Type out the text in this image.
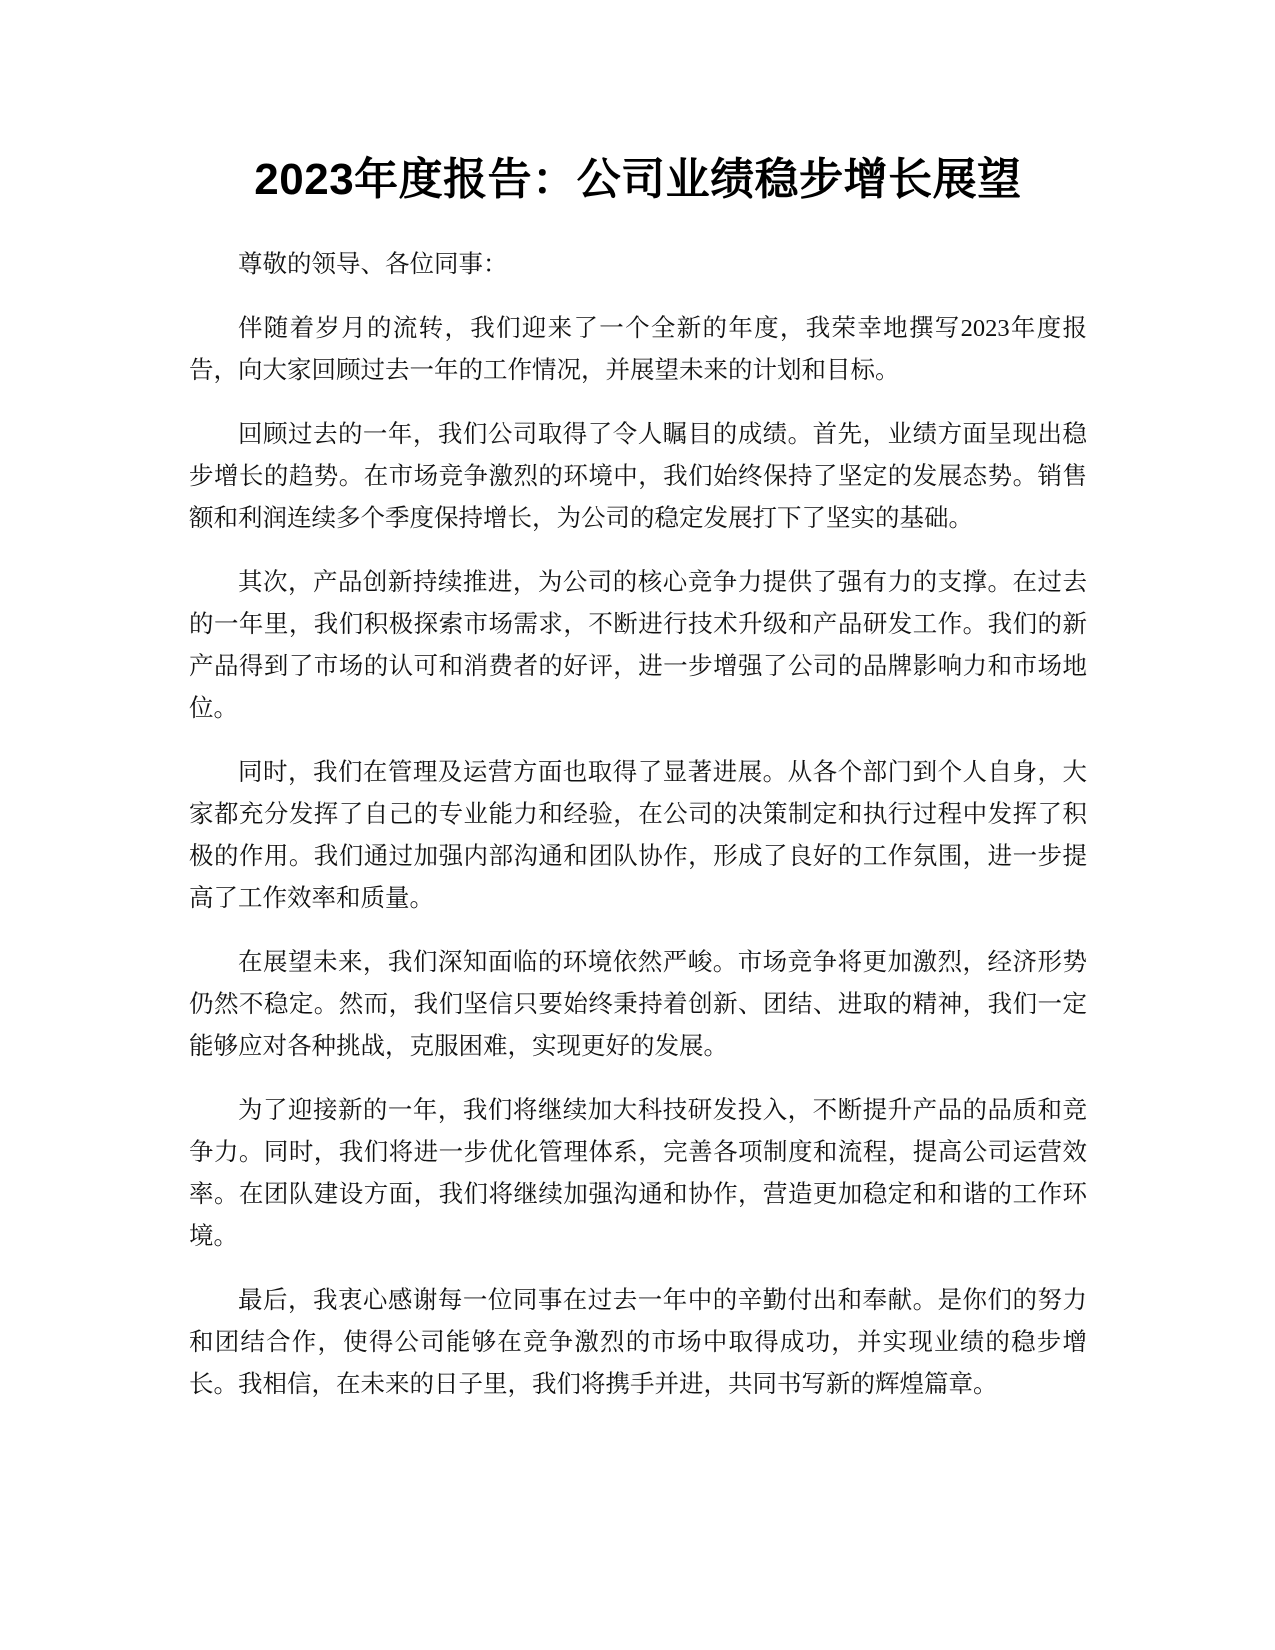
2023年度报告：公司业绩稳步增长展望

尊敬的领导、各位同事：

伴随着岁月的流转，我们迎来了一个全新的年度，我荣幸地撰写2023年度报告，向大家回顾过去一年的工作情况，并展望未来的计划和目标。

回顾过去的一年，我们公司取得了令人瞩目的成绩。首先，业绩方面呈现出稳步增长的趋势。在市场竞争激烈的环境中，我们始终保持了坚定的发展态势。销售额和利润连续多个季度保持增长，为公司的稳定发展打下了坚实的基础。

其次，产品创新持续推进，为公司的核心竞争力提供了强有力的支撑。在过去的一年里，我们积极探索市场需求，不断进行技术升级和产品研发工作。我们的新产品得到了市场的认可和消费者的好评，进一步增强了公司的品牌影响力和市场地位。

同时，我们在管理及运营方面也取得了显著进展。从各个部门到个人自身，大家都充分发挥了自己的专业能力和经验，在公司的决策制定和执行过程中发挥了积极的作用。我们通过加强内部沟通和团队协作，形成了良好的工作氛围，进一步提高了工作效率和质量。

在展望未来，我们深知面临的环境依然严峻。市场竞争将更加激烈，经济形势仍然不稳定。然而，我们坚信只要始终秉持着创新、团结、进取的精神，我们一定能够应对各种挑战，克服困难，实现更好的发展。

为了迎接新的一年，我们将继续加大科技研发投入，不断提升产品的品质和竞争力。同时，我们将进一步优化管理体系，完善各项制度和流程，提高公司运营效率。在团队建设方面，我们将继续加强沟通和协作，营造更加稳定和和谐的工作环境。

最后，我衷心感谢每一位同事在过去一年中的辛勤付出和奉献。是你们的努力和团结合作，使得公司能够在竞争激烈的市场中取得成功，并实现业绩的稳步增长。我相信，在未来的日子里，我们将携手并进，共同书写新的辉煌篇章。
